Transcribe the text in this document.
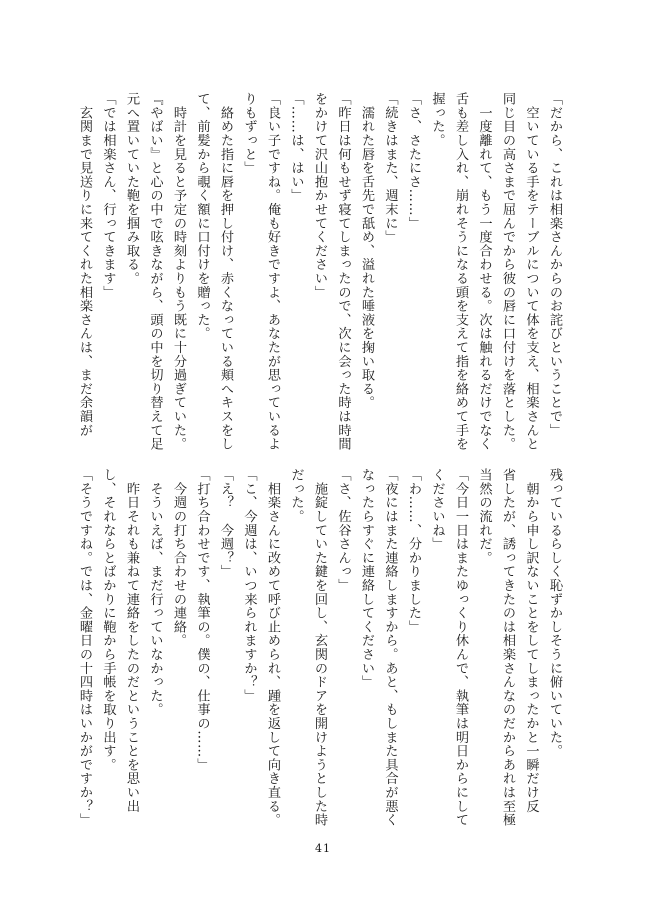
「だから、これは相楽さんからのお詫びということで」
　空いている手をテーブルについて体を支え、相楽さんと
同じ目の高さまで屈んでから彼の唇に口付けを落とした。
　一度離れて、もう一度合わせる。次は触れるだけでなく
舌も差し入れ、崩れそうになる頭を支えて指を絡めて手を
握った。
「さ、さたにさ……」
「続きはまた、週末に」
　濡れた唇を舌先で舐め、溢れた唾液を掬い取る。
「昨日は何もせず寝てしまったので、次に会った時は時間
をかけて沢山抱かせてください」
「……は、はい」
「良い子ですね。俺も好きですよ、あなたが思っているよ
りもずっと」
　絡めた指に唇を押し付け、赤くなっている頬へキスをし
て、前髪から覗く額に口付けを贈った。
　時計を見ると予定の時刻よりもう既に十分過ぎていた。
『やばい』と心の中で呟きながら、頭の中を切り替えて足
元へ置いていた鞄を掴み取る。
「では相楽さん、行ってきます」
　玄関まで見送りに来てくれた相楽さんは、まだ余韻が
残っているらしく恥ずかしそうに俯いていた。
　朝から申し訳ないことをしてしまったかと一瞬だけ反
省したが、誘ってきたのは相楽さんなのだからあれは至極
当然の流れだ。
「今日一日はまたゆっくり休んで、執筆は明日からにして
くださいね」
「わ……、分かりました」
「夜にはまた連絡しますから。あと、もしまた具合が悪く
なったらすぐに連絡してください」
「さ、佐谷さんっ」
　施錠していた鍵を回し、玄関のドアを開けようとした時
だった。
　相楽さんに改めて呼び止められ、踵を返して向き直る。
「こ、今週は、いつ来られますか？」
「え？　今週？」
「打ち合わせです、執筆の。僕の、仕事の……」
　今週の打ち合わせの連絡。
　そういえば、まだ行っていなかった。
　昨日それも兼ねて連絡をしたのだということを思い出
し、それならとばかりに鞄から手帳を取り出す。
「そうですね。では、金曜日の十四時はいかがですか？」
41
